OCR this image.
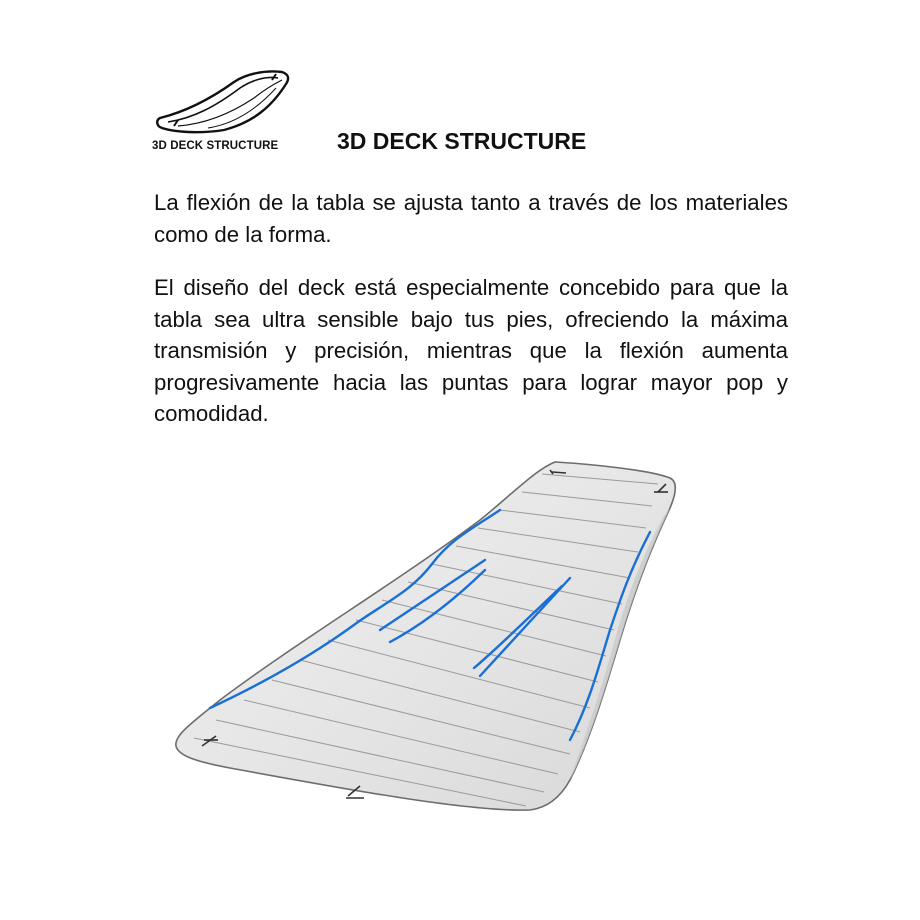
3D DECK STRUCTURE	3D DECK STRUCTURE

La flexión de la tabla se ajusta tanto a través de los materiales como de la forma.

El diseño del deck está especialmente concebido para que la tabla sea ultra sensible bajo tus pies, ofreciendo la máxima transmisión y precisión, mientras que la flexión aumenta progresivamente hacia las puntas para lograr mayor pop y comodidad.
